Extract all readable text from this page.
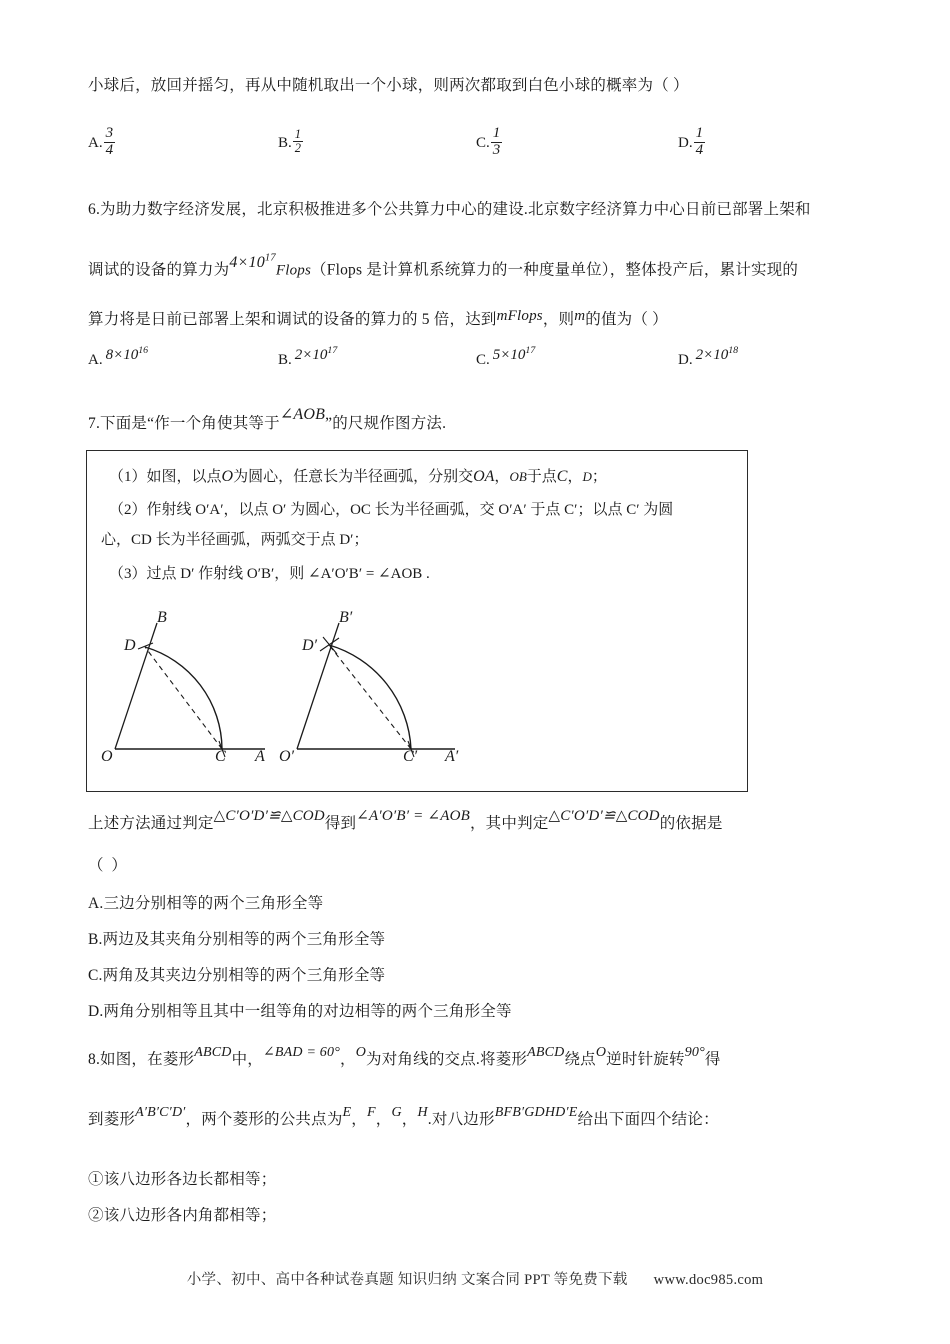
小球后，放回并摇匀，再从中随机取出一个小球，则两次都取到白色小球的概率为（ ）
A. $\frac{3}{4}$	B. $\frac{1}{2}$	C. $\frac{1}{3}$	D. $\frac{1}{4}$
6.为助力数字经济发展，北京积极推进多个公共算力中心的建设.北京数字经济算力中心日前已部署上架和
调试的设备的算力为$4\times 10^{17}Flops(Flops$ 是计算机系统算力的一种度量单位），整体投产后，累计实现的
算力将是日前已部署上架和调试的设备的算力的 5 倍，达到mFlops，则m的值为（ ）
A. $8\times 10^{16}$
B. $2\times 10^{17}$
C. $5\times 10^{17}$
D. $2\times 10^{18}$
7.下面是“作一个角使其等于∠AOB”的尺规作图方法.
（1）如图，以点O为圆心，任意长为半径画弧，分别交OA，OB于点C，D；
（2）作射线 O′A′，以点 O′ 为圆心，OC 长为半径画弧，交 O′A′ 于点 C′；以点 C′ 为圆
心，CD 长为半径画弧，两弧交于点 D′；
（3）过点 D′ 作射线 O′B′，则 ∠A′O′B′ = ∠AOB .
O	C A
D
B
O′	C′ A′
D′
B′
上述方法通过判定△C′O′D′≌△COD得到∠A′O′B′ = ∠AOB，其中判定△C′O′D′≌△COD的依据是
（ ）
A.三边分别相等的两个三角形全等
B.两边及其夹角分别相等的两个三角形全等
C.两角及其夹边分别相等的两个三角形全等
D.两角分别相等且其中一组等角的对边相等的两个三角形全等
8.如图，在菱形ABCD中，∠BAD = 60°，O为对角线的交点.将菱形ABCD绕点O逆时针旋转90°得
到菱形A′B′C′D′，两个菱形的公共点为E，F，G，H.对八边形BFB′GDHD′E给出下面四个结论：
①该八边形各边长都相等；
②该八边形各内角都相等；
小学、初中、高中各种试卷真题 知识归纳 文案合同 PPT 等免费下载 www.doc985.com
